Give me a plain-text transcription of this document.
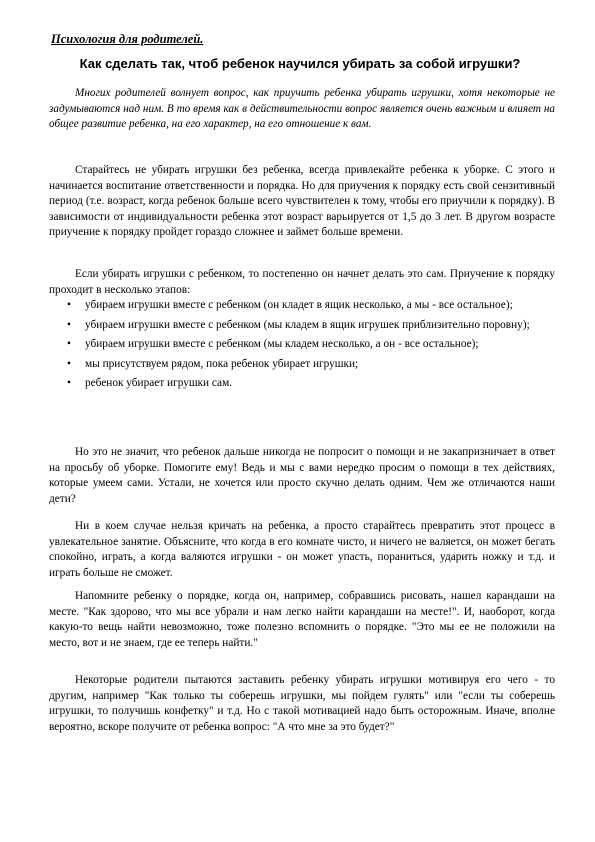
Психология для родителей.
Как сделать так, чтоб ребенок научился убирать за собой игрушки?
Многих родителей волнует вопрос, как приучить ребенка убирать игрушки, хотя некоторые не задумываются над ним. В то время как в действительности вопрос является очень важным и влияет на общее развитие ребенка, на его характер, на его отношение к вам.

Старайтесь не убирать игрушки без ребенка, всегда привлекайте ребенка к уборке. С этого и начинается воспитание ответственности и порядка. Но для приучения к порядку есть свой сензитивный период (т.е. возраст, когда ребенок больше всего чувствителен к тому, чтобы его приучили к порядку). В зависимости от индивидуальности ребенка этот возраст варьируется от 1,5 до 3 лет. В другом возрасте приучение к порядку пройдет гораздо сложнее и займет больше времени.

Если убирать игрушки с ребенком, то постепенно он начнет делать это сам. Приучение к порядку проходит в несколько этапов:

• убираем игрушки вместе с ребенком (он кладет в ящик несколько, а мы - все остальное);
• убираем игрушки вместе с ребенком (мы кладем в ящик игрушек приблизительно поровну);
• убираем игрушки вместе с ребенком (мы кладем несколько, а он - все остальное);
• мы присутствуем рядом, пока ребенок убирает игрушки;
• ребенок убирает игрушки сам.

Но это не значит, что ребенок дальше никогда не попросит о помощи и не закапризничает в ответ на просьбу об уборке. Помогите ему! Ведь и мы с вами нередко просим о помощи в тех действиях, которые умеем сами. Устали, не хочется или просто скучно делать одним. Чем же отличаются наши дети?

Ни в коем случае нельзя кричать на ребенка, а просто старайтесь превратить этот процесс в увлекательное занятие. Объясните, что когда в его комнате чисто, и ничего не валяется, он может бегать спокойно, играть, а когда валяются игрушки - он может упасть, пораниться, ударить ножку и т.д. и играть больше не сможет.

Напомните ребенку о порядке, когда он, например, собравшись рисовать, нашел карандаши на месте. "Как здорово, что мы все убрали и нам легко найти карандаши на месте!". И, наоборот, когда какую-то вещь найти невозможно, тоже полезно вспомнить о порядке. "Это мы ее не положили на место, вот и не знаем, где ее теперь найти."

Некоторые родители пытаются заставить ребенку убирать игрушки мотивируя его чего - то другим, например "Как только ты соберешь игрушки, мы пойдем гулять" или "если ты соберешь игрушки, то получишь конфетку" и т.д. Но с такой мотивацией надо быть осторожным. Иначе, вполне вероятно, вскоре получите от ребенка вопрос: "А что мне за это будет?"
